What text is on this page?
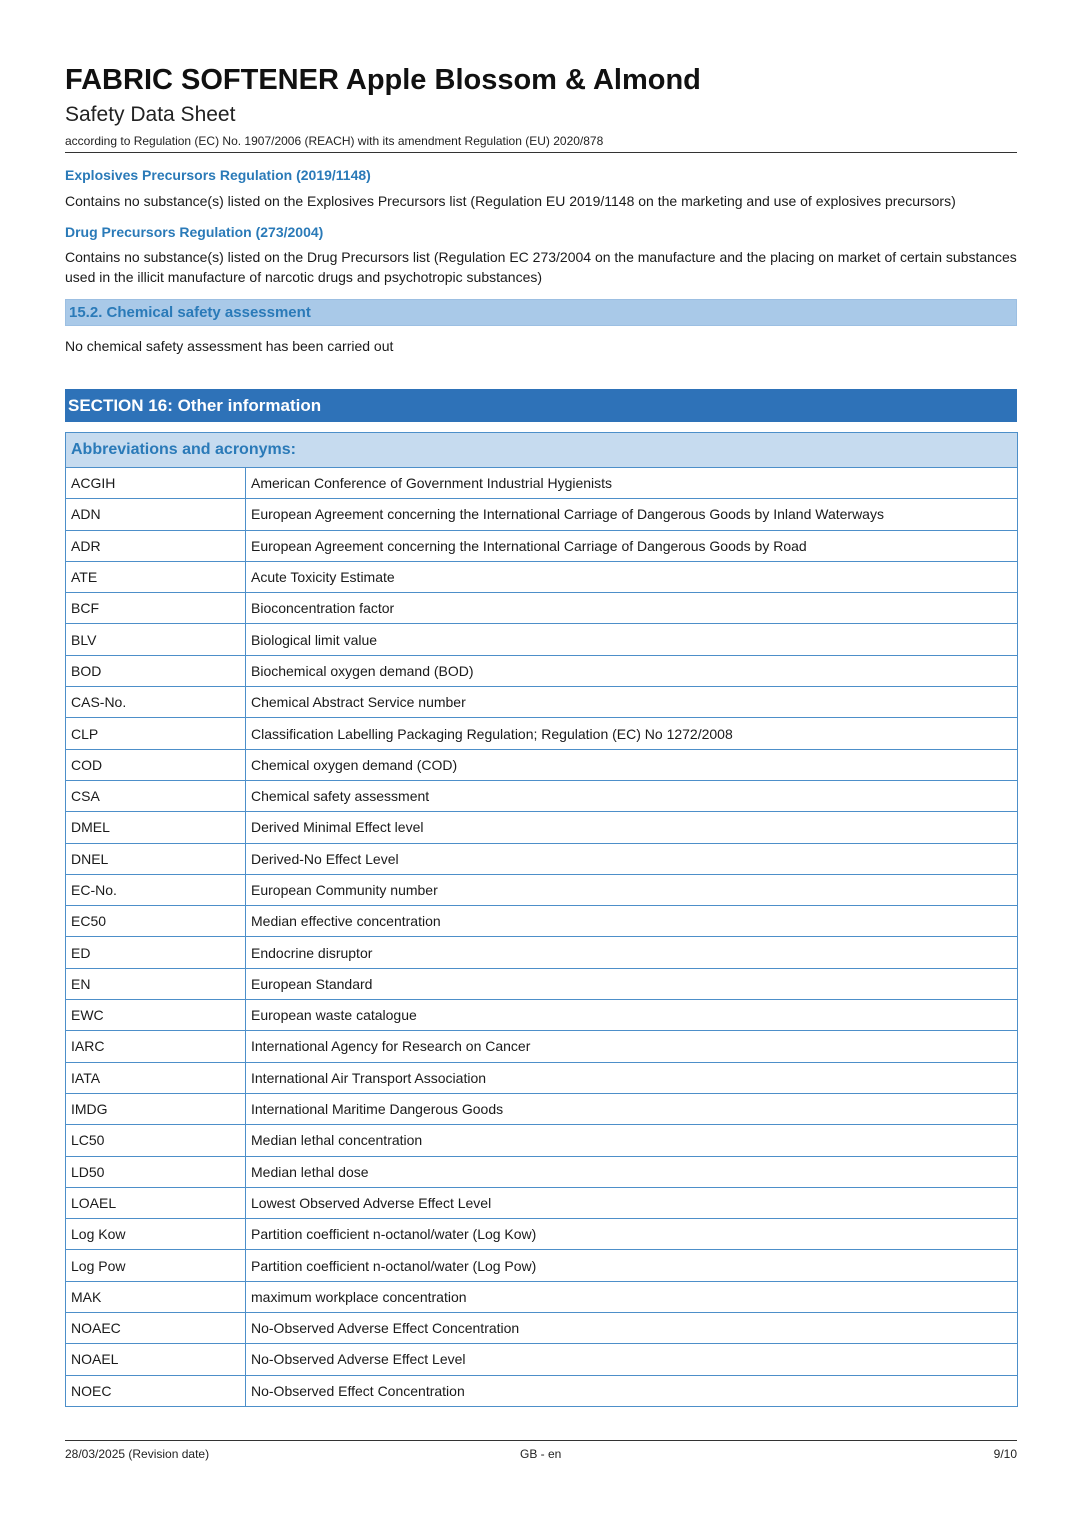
FABRIC SOFTENER Apple Blossom & Almond
Safety Data Sheet
according to Regulation (EC) No. 1907/2006 (REACH) with its amendment Regulation (EU) 2020/878
Explosives Precursors Regulation (2019/1148)
Contains no substance(s) listed on the Explosives Precursors list (Regulation EU 2019/1148 on the marketing and use of explosives precursors)
Drug Precursors Regulation (273/2004)
Contains no substance(s) listed on the Drug Precursors list (Regulation EC 273/2004 on the manufacture and the placing on market of certain substances used in the illicit manufacture of narcotic drugs and psychotropic substances)
15.2. Chemical safety assessment
No chemical safety assessment has been carried out
SECTION 16: Other information
Abbreviations and acronyms:	
ACGIH	American Conference of Government Industrial Hygienists
ADN	European Agreement concerning the International Carriage of Dangerous Goods by Inland Waterways
ADR	European Agreement concerning the International Carriage of Dangerous Goods by Road
ATE	Acute Toxicity Estimate
BCF	Bioconcentration factor
BLV	Biological limit value
BOD	Biochemical oxygen demand (BOD)
CAS-No.	Chemical Abstract Service number
CLP	Classification Labelling Packaging Regulation; Regulation (EC) No 1272/2008
COD	Chemical oxygen demand (COD)
CSA	Chemical safety assessment
DMEL	Derived Minimal Effect level
DNEL	Derived-No Effect Level
EC-No.	European Community number
EC50	Median effective concentration
ED	Endocrine disruptor
EN	European Standard
EWC	European waste catalogue
IARC	International Agency for Research on Cancer
IATA	International Air Transport Association
IMDG	International Maritime Dangerous Goods
LC50	Median lethal concentration
LD50	Median lethal dose
LOAEL	Lowest Observed Adverse Effect Level
Log Kow	Partition coefficient n-octanol/water (Log Kow)
Log Pow	Partition coefficient n-octanol/water (Log Pow)
MAK	maximum workplace concentration
NOAEC	No-Observed Adverse Effect Concentration
NOAEL	No-Observed Adverse Effect Level
NOEC	No-Observed Effect Concentration
28/03/2025 (Revision date)	GB - en	9/10
